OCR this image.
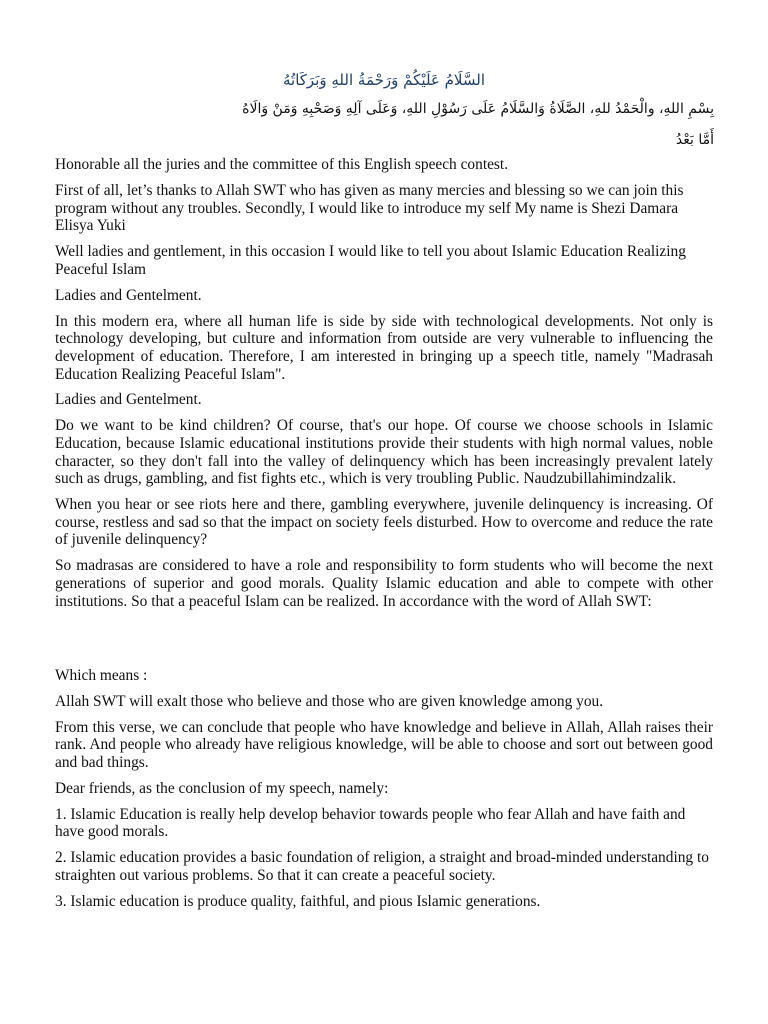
السَّلَامُ عَلَيْكُمْ وَرَحْمَةُ اللهِ وَبَرَكَاتُهُ
بِسْمِ اللهِ، والْحَمْدُ للهِ، الصَّلَاةُ وَالسَّلَامُ عَلَى رَسُوْلِ اللهِ، وَعَلَى آلِهِ وَصَحْبِهِ وَمَنْ وَالَاهُ
أَمَّا بَعْدُ

Honorable all the juries and the committee of this English speech contest.

First of all, let’s thanks to Allah SWT who has given as many mercies and blessing so we can join this program without any troubles. Secondly, I would like to introduce my self My name is Shezi Damara Elisya Yuki

Well ladies and gentlement, in this occasion I would like to tell you about Islamic Education Realizing Peaceful Islam

Ladies and Gentelment.

In this modern era, where all human life is side by side with technological developments. Not only is technology developing, but culture and information from outside are very vulnerable to influencing the development of education. Therefore, I am interested in bringing up a speech title, namely "Madrasah Education Realizing Peaceful Islam".

Ladies and Gentelment.

Do we want to be kind children? Of course, that's our hope. Of course we choose schools in Islamic Education, because Islamic educational institutions provide their students with high normal values, noble character, so they don't fall into the valley of delinquency which has been increasingly prevalent lately such as drugs, gambling, and fist fights etc., which is very troubling Public. Naudzubillahimindzalik.

When you hear or see riots here and there, gambling everywhere, juvenile delinquency is increasing. Of course, restless and sad so that the impact on society feels disturbed. How to overcome and reduce the rate of juvenile delinquency?

So madrasas are considered to have a role and responsibility to form students who will become the next generations of superior and good morals. Quality Islamic education and able to compete with other institutions. So that a peaceful Islam can be realized. In accordance with the word of Allah SWT:

Which means :

Allah SWT will exalt those who believe and those who are given knowledge among you.

From this verse, we can conclude that people who have knowledge and believe in Allah, Allah raises their rank. And people who already have religious knowledge, will be able to choose and sort out between good and bad things.

Dear friends, as the conclusion of my speech, namely:

1. Islamic Education is really help develop behavior towards people who fear Allah and have faith and have good morals.

2. Islamic education provides a basic foundation of religion, a straight and broad-minded understanding to straighten out various problems. So that it can create a peaceful society.

3. Islamic education is produce quality, faithful, and pious Islamic generations.
